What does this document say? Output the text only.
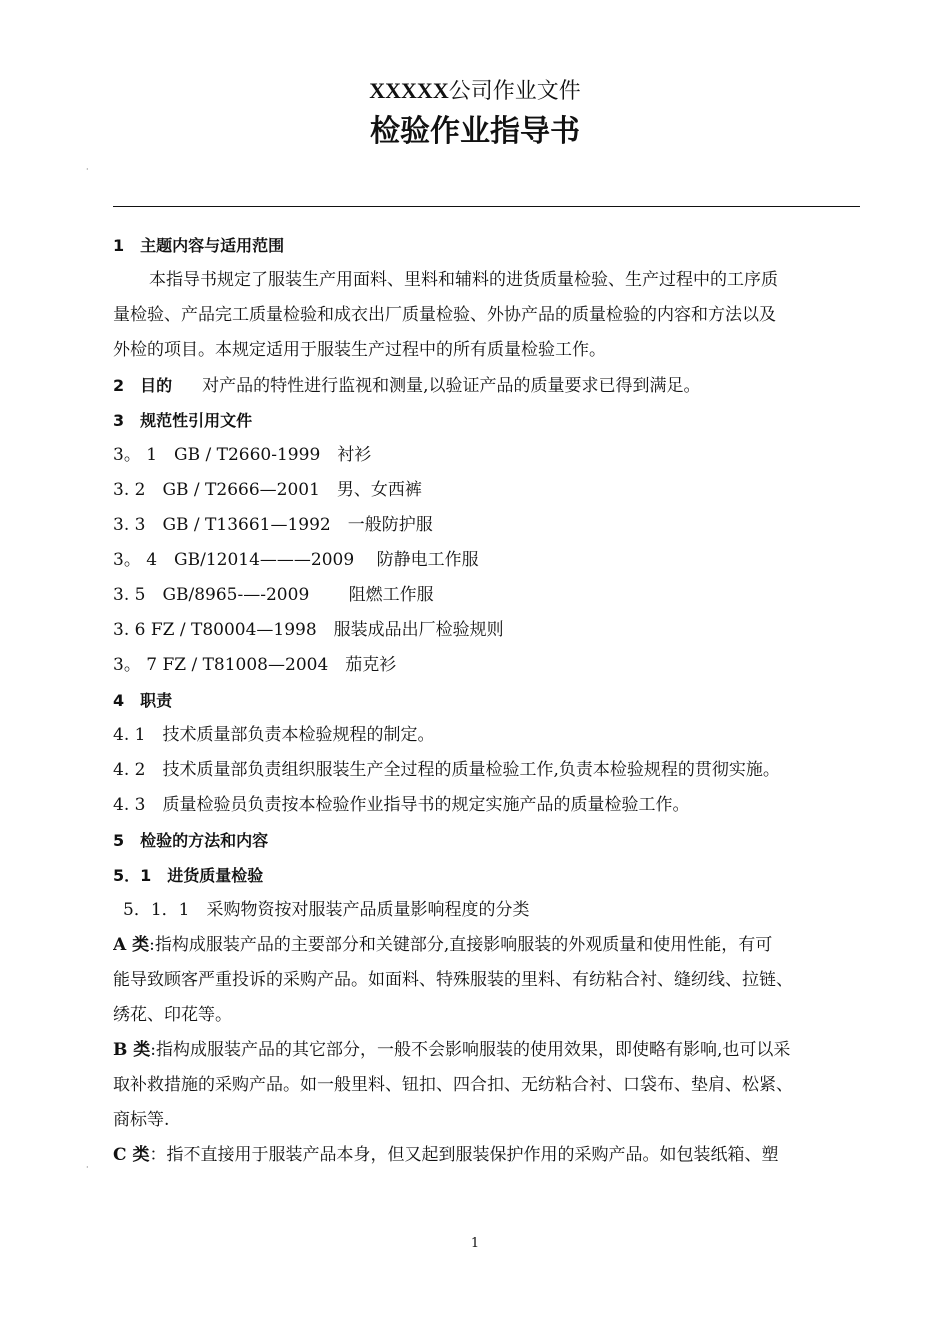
XXXXX公司作业文件
检验作业指导书
·
1　主题内容与适用范围
本指导书规定了服装生产用面料、里料和辅料的进货质量检验、生产过程中的工序质
量检验、产品完工质量检验和成衣出厂质量检验、外协产品的质量检验的内容和方法以及
外检的项目。本规定适用于服装生产过程中的所有质量检验工作。
2　目的 对产品的特性进行监视和测量,以验证产品的质量要求已得到满足。
3　规范性引用文件
3。 1　GB / T2660-1999　衬衫
3. 2　GB / T2666—2001　男、女西裤
3. 3　GB / T13661—1992　一般防护服
3。 4　GB/12014———2009　 防静电工作服
3. 5　GB/8965-—-2009　　 阻燃工作服
3. 6 FZ / T80004—1998　服装成品出厂检验规则
3。 7 FZ / T81008—2004　茄克衫
4　职责
4. 1　技术质量部负责本检验规程的制定。
4. 2　技术质量部负责组织服装生产全过程的质量检验工作,负责本检验规程的贯彻实施。
4. 3　质量检验员负责按本检验作业指导书的规定实施产品的质量检验工作。
5　检验的方法和内容
5．1　进货质量检验
5．1．1　采购物资按对服装产品质量影响程度的分类
A 类:指构成服装产品的主要部分和关键部分,直接影响服装的外观质量和使用性能，有可
能导致顾客严重投诉的采购产品。如面料、特殊服装的里料、有纺粘合衬、缝纫线、拉链、
绣花、印花等。
B 类:指构成服装产品的其它部分，一般不会影响服装的使用效果，即使略有影响,也可以采
取补救措施的采购产品。如一般里料、钮扣、四合扣、无纺粘合衬、口袋布、垫肩、松紧、
商标等.
C 类：指不直接用于服装产品本身，但又起到服装保护作用的采购产品。如包装纸箱、塑
·
1
